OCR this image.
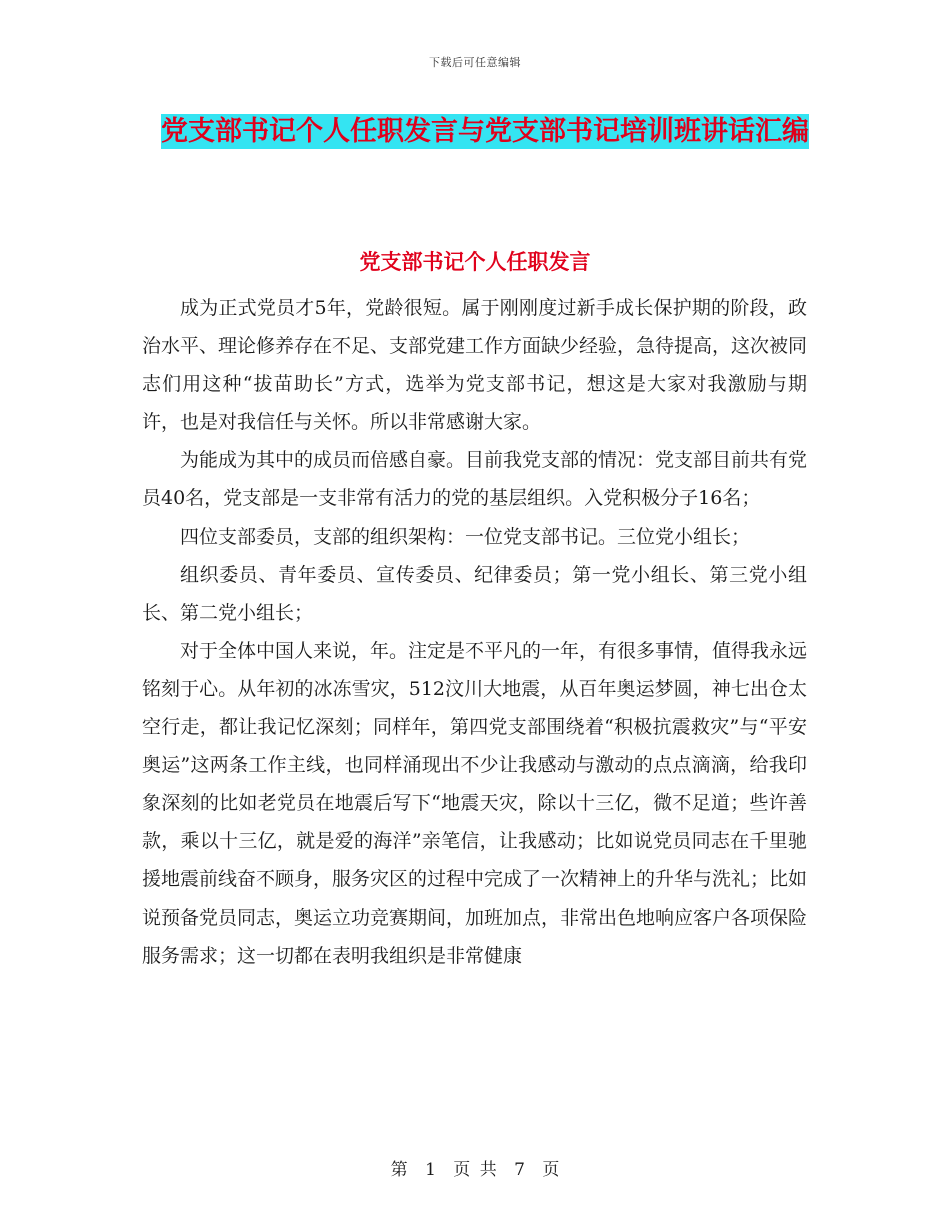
下载后可任意编辑
党支部书记个人任职发言与党支部书记培训班讲话汇编
党支部书记个人任职发言

成为正式党员才5年，党龄很短。属于刚刚度过新手成长保护期的阶段，政治水平、理论修养存在不足、支部党建工作方面缺少经验，急待提高，这次被同志们用这种“拔苗助长”方式，选举为党支部书记，想这是大家对我激励与期许，也是对我信任与关怀。所以非常感谢大家。

为能成为其中的成员而倍感自豪。目前我党支部的情况：党支部目前共有党员40名，党支部是一支非常有活力的党的基层组织。入党积极分子16名；

四位支部委员，支部的组织架构：一位党支部书记。三位党小组长；

组织委员、青年委员、宣传委员、纪律委员；第一党小组长、第三党小组长、第二党小组长；

对于全体中国人来说，年。注定是不平凡的一年，有很多事情，值得我永远铭刻于心。从年初的冰冻雪灾，512汶川大地震，从百年奥运梦圆，神七出仓太空行走，都让我记忆深刻；同样年，第四党支部围绕着“积极抗震救灾”与“平安奥运”这两条工作主线，也同样涌现出不少让我感动与激动的点点滴滴，给我印象深刻的比如老党员在地震后写下“地震天灾，除以十三亿，微不足道；些许善款，乘以十三亿，就是爱的海洋”亲笔信，让我感动；比如说党员同志在千里驰援地震前线奋不顾身，服务灾区的过程中完成了一次精神上的升华与洗礼；比如说预备党员同志，奥运立功竞赛期间，加班加点，非常出色地响应客户各项保险服务需求；这一切都在表明我组织是非常健康

第 1 页 共 7 页
